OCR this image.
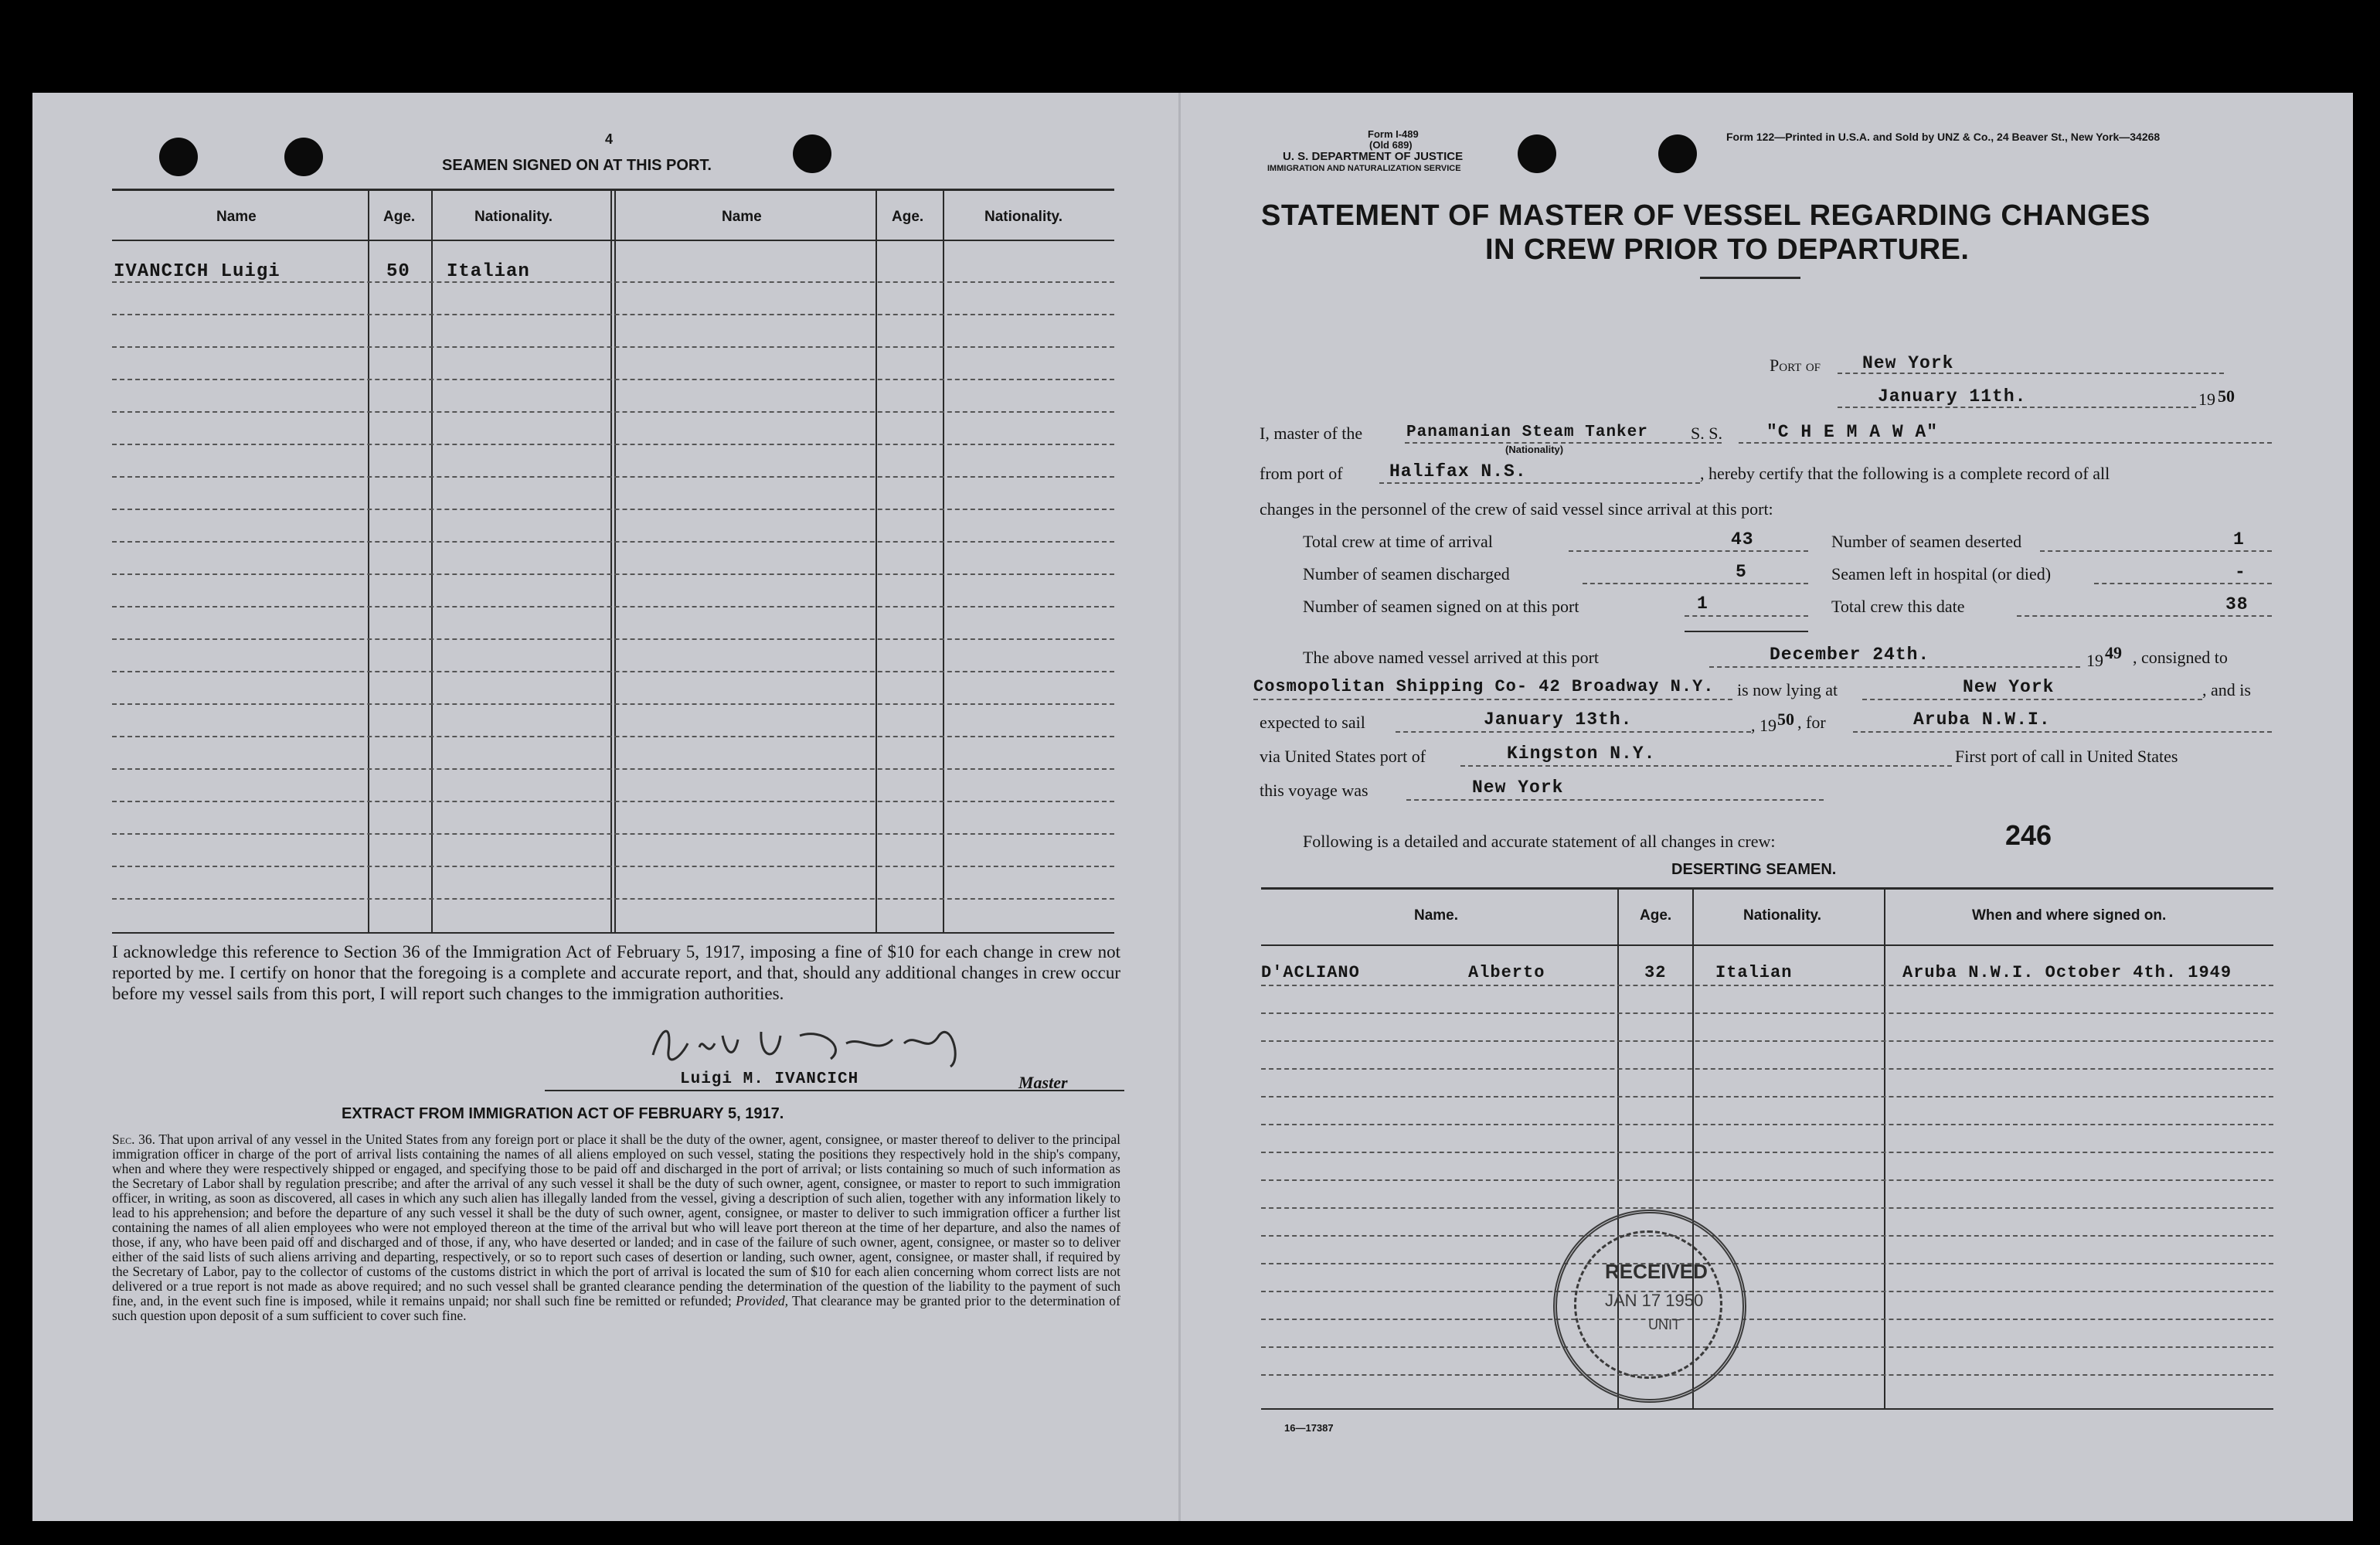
4
SEAMEN SIGNED ON AT THIS PORT.
Name	Age.	Nationality.	Name	Age.	Nationality.
IVANCICH Luigi	50 Italian
I acknowledge this reference to Section 36 of the Immigration Act of February 5, 1917, imposing a fine of $10 for each change in crew not reported by me. I certify on honor that the foregoing is a complete and accurate report, and that, should any additional changes in crew occur before my vessel sails from this port, I will report such changes to the immigration authorities.
Luigi M. IVANCICH	Master
EXTRACT FROM IMMIGRATION ACT OF FEBRUARY 5, 1917.
Sec. 36. That upon arrival of any vessel in the United States from any foreign port or place it shall be the duty of the owner, agent, consignee, or master thereof to deliver to the principal immigration officer in charge of the port of arrival lists containing the names of all aliens employed on such vessel, stating the positions they respectively hold in the ship's company, when and where they were respectively shipped or engaged, and specifying those to be paid off and discharged in the port of arrival; or lists containing so much of such information as the Secretary of Labor shall by regulation prescribe; and after the arrival of any such vessel it shall be the duty of such owner, agent, consignee, or master to report to such immigration officer, in writing, as soon as discovered, all cases in which any such alien has illegally landed from the vessel, giving a description of such alien, together with any information likely to lead to his apprehension; and before the departure of any such vessel it shall be the duty of such owner, agent, consignee, or master to deliver to such immigration officer a further list containing the names of all alien employees who were not employed thereon at the time of the arrival but who will leave port thereon at the time of her departure, and also the names of those, if any, who have been paid off and discharged and of those, if any, who have deserted or landed; and in case of the failure of such owner, agent, consignee, or master so to deliver either of the said lists of such aliens arriving and departing, respectively, or so to report such cases of desertion or landing, such owner, agent, consignee, or master shall, if required by the Secretary of Labor, pay to the collector of customs of the customs district in which the port of arrival is located the sum of $10 for each alien concerning whom correct lists are not delivered or a true report is not made as above required; and no such vessel shall be granted clearance pending the determination of the question of the liability to the payment of such fine, and, in the event such fine is imposed, while it remains unpaid; nor shall such fine be remitted or refunded; Provided, That clearance may be granted prior to the determination of such question upon deposit of a sum sufficient to cover such fine.
Form I-489
(Old 689)
U. S. DEPARTMENT OF JUSTICE
IMMIGRATION AND NATURALIZATION SERVICE
Form 122—Printed in U.S.A. and Sold by UNZ & Co., 24 Beaver St., New York—34268
STATEMENT OF MASTER OF VESSEL REGARDING CHANGES
IN CREW PRIOR TO DEPARTURE.
Port of New York
January 11th.	19 50
I, master of the	Panamanian Steam Tanker
(Nationality)
S. S. "C H E M A W A"
from port of	Halifax N.S.	, hereby certify that the following is a complete record of all
changes in the personnel of the crew of said vessel since arrival at this port:
Total crew at time of arrival	43	Number of seamen deserted	1
Number of seamen discharged	5	Seamen left in hospital (or died)	-
Number of seamen signed on at this port	1	Total crew this date	38
The above named vessel arrived at this port	December 24th.	19 49 , consigned to
Cosmopolitan Shipping Co- 42 Broadway N.Y. is now lying at	New York	, and is
expected to sail	January 13th.	, 19 50 , for	Aruba N.W.I.
via United States port of	Kingston N.Y.	First port of call in United States
this voyage was	New York
Following is a detailed and accurate statement of all changes in crew:	246
DESERTING SEAMEN.
Name.	Age.	Nationality.	When and where signed on.
D'ACLIANO	Alberto	32	Italian	Aruba N.W.I. October 4th. 1949
RECEIVED
JAN 17 1950
UNIT
16—17387
